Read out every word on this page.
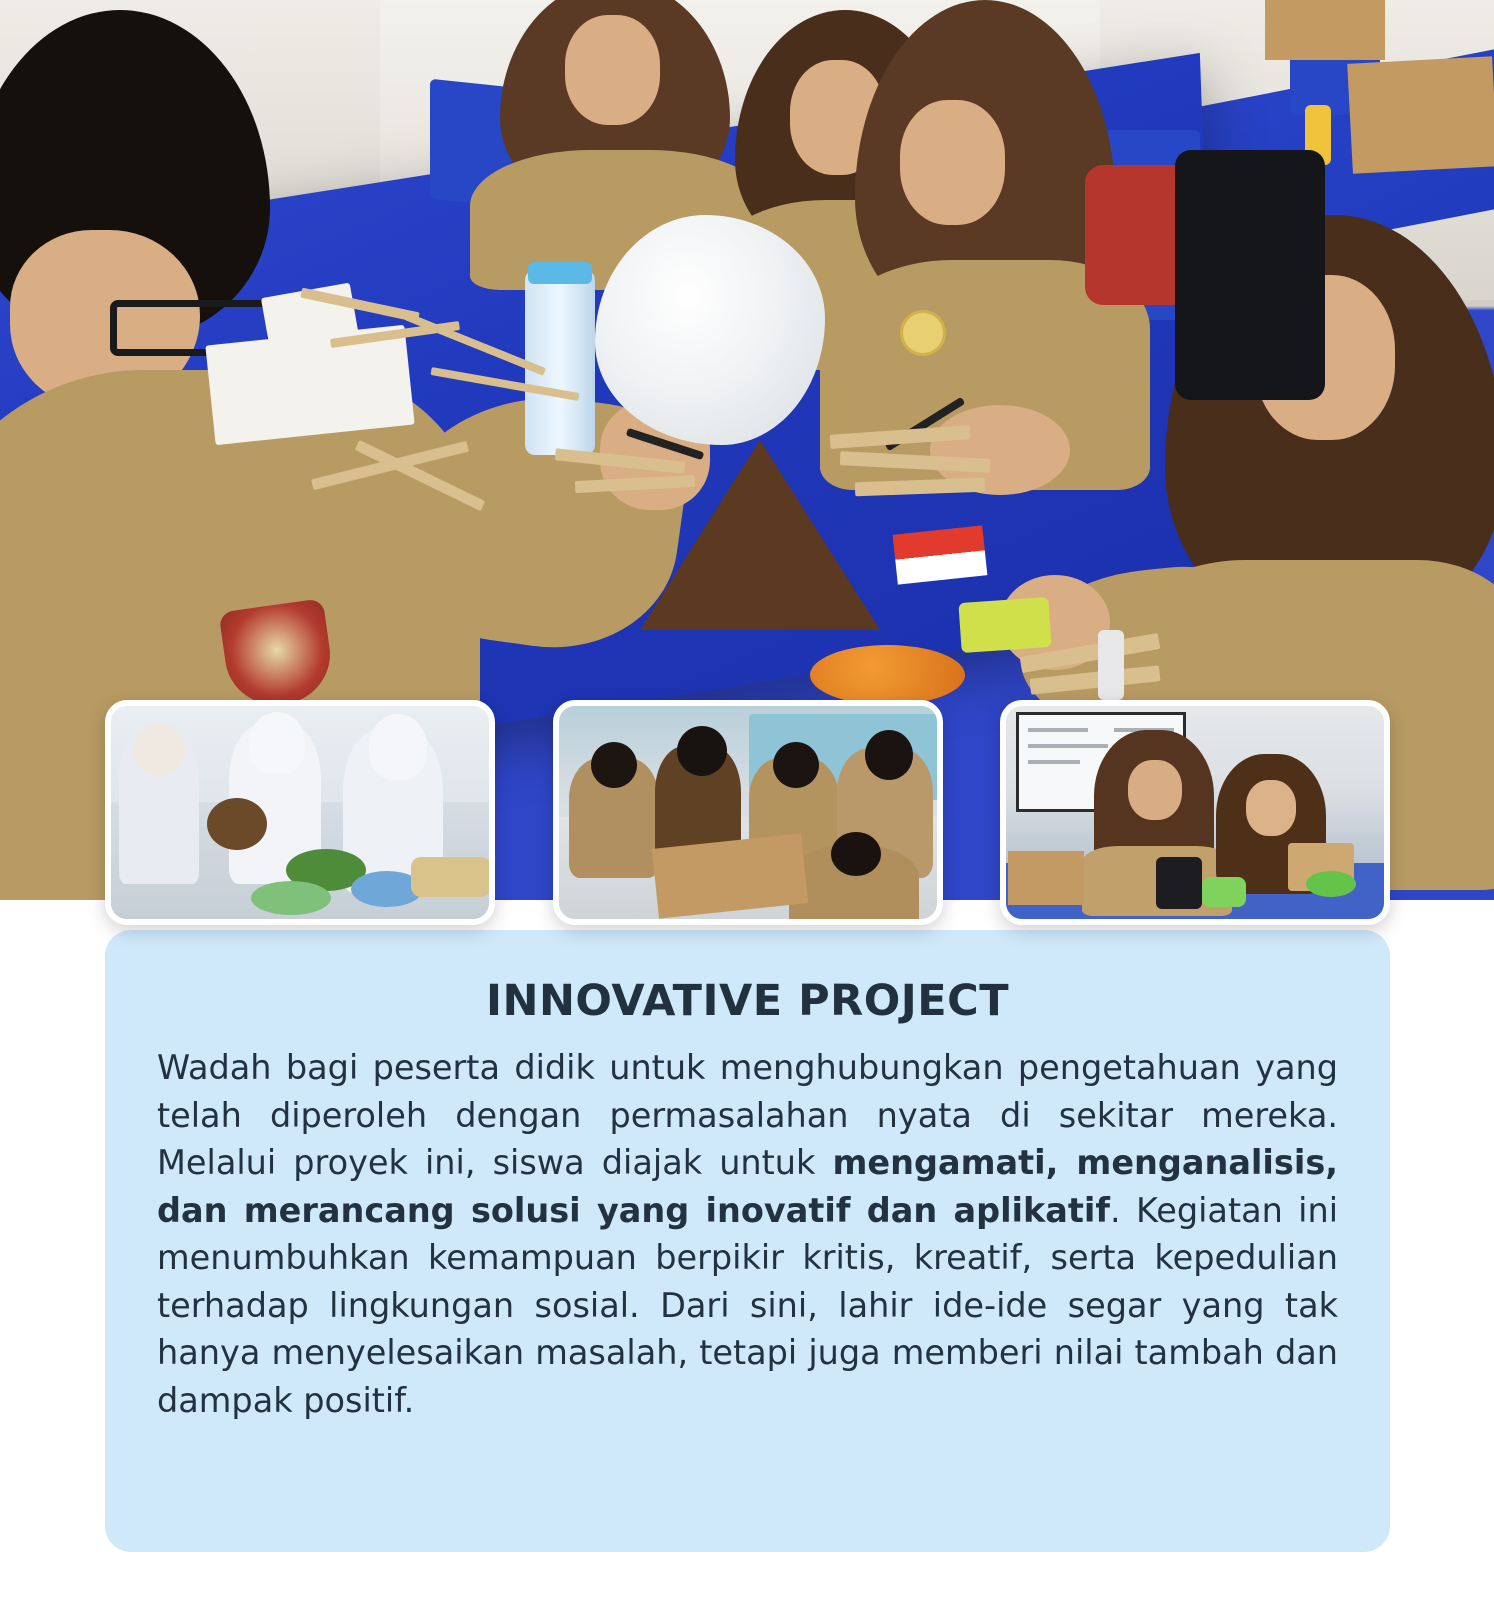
INNOVATIVE PROJECT

Wadah bagi peserta didik untuk menghubungkan pengetahuan yang telah diperoleh dengan permasalahan nyata di sekitar mereka. Melalui proyek ini, siswa diajak untuk mengamati, menganalisis, dan merancang solusi yang inovatif dan aplikatif. Kegiatan ini menumbuhkan kemampuan berpikir kritis, kreatif, serta kepedulian terhadap lingkungan sosial. Dari sini, lahir ide-ide segar yang tak hanya menyelesaikan masalah, tetapi juga memberi nilai tambah dan dampak positif.
